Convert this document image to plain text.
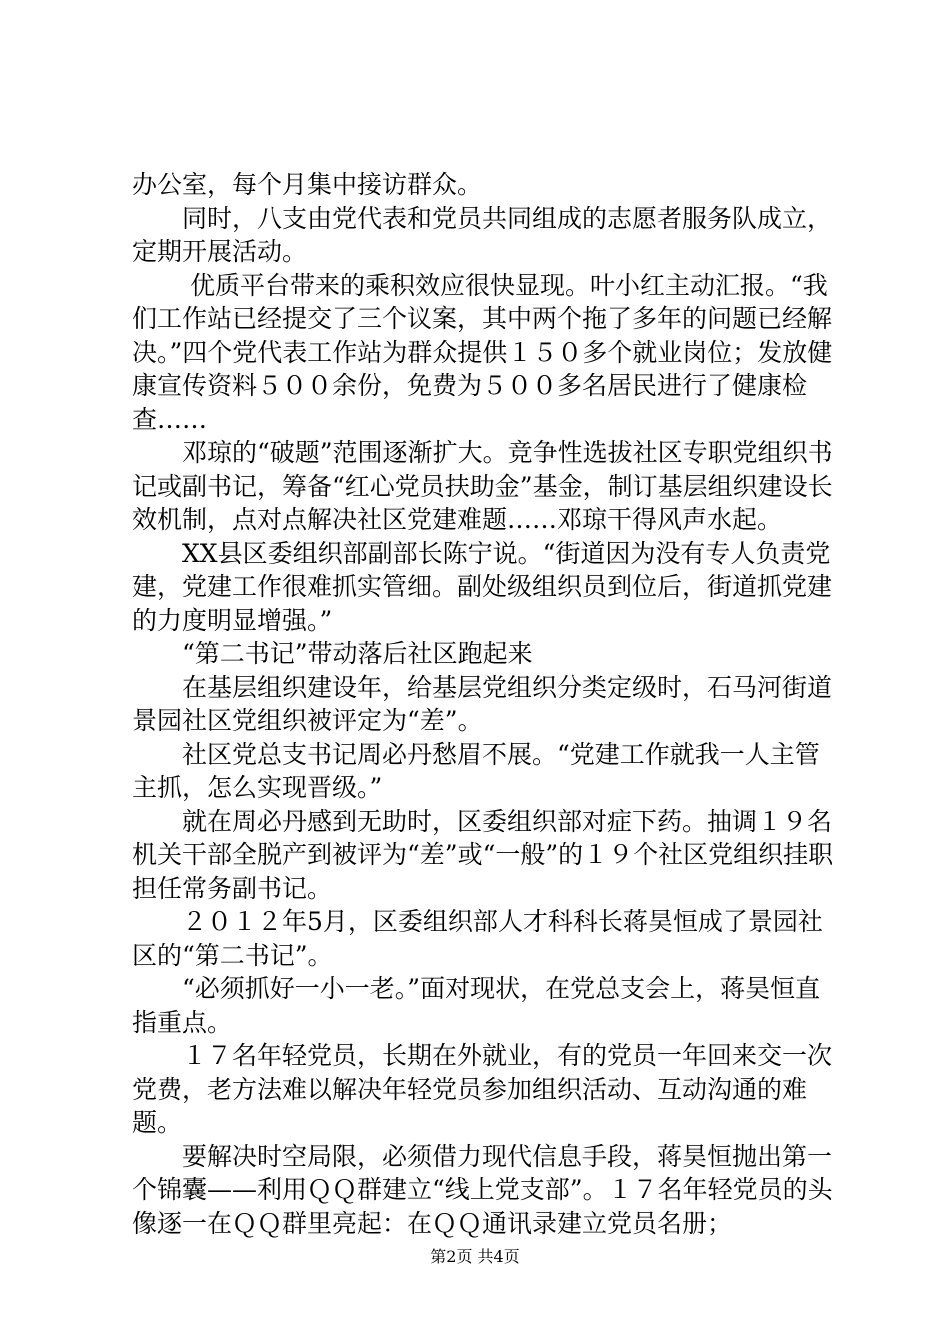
办公室，每个月集中接访群众。

　　同时，八支由党代表和党员共同组成的志愿者服务队成立，定期开展活动。

　　 优质平台带来的乘积效应很快显现。叶小红主动汇报。“我们工作站已经提交了三个议案，其中两个拖了多年的问题已经解决。”四个党代表工作站为群众提供１５０多个就业岗位；发放健康宣传资料５００余份，免费为５００多名居民进行了健康检查……

　　邓琼的“破题”范围逐渐扩大。竞争性选拔社区专职党组织书记或副书记，筹备“红心党员扶助金”基金，制订基层组织建设长效机制，点对点解决社区党建难题……邓琼干得风声水起。

　　XX县区委组织部副部长陈宁说。“街道因为没有专人负责党建，党建工作很难抓实管细。副处级组织员到位后，街道抓党建的力度明显增强。”

　　“第二书记”带动落后社区跑起来

　　在基层组织建设年，给基层党组织分类定级时，石马河街道景园社区党组织被评定为“差”。

　　社区党总支书记周必丹愁眉不展。“党建工作就我一人主管主抓，怎么实现晋级。”

　　就在周必丹感到无助时，区委组织部对症下药。抽调１９名机关干部全脱产到被评为“差”或“一般”的１９个社区党组织挂职担任常务副书记。

　　２０１２年5月，区委组织部人才科科长蒋昊恒成了景园社区的“第二书记”。

　　“必须抓好一小一老。”面对现状，在党总支会上，蒋昊恒直指重点。

　　１７名年轻党员，长期在外就业，有的党员一年回来交一次党费，老方法难以解决年轻党员参加组织活动、互动沟通的难题。

　　要解决时空局限，必须借力现代信息手段，蒋昊恒抛出第一个锦囊——利用ＱＱ群建立“线上党支部”。１７名年轻党员的头像逐一在ＱＱ群里亮起：在ＱＱ通讯录建立党员名册；

第2页 共4页
